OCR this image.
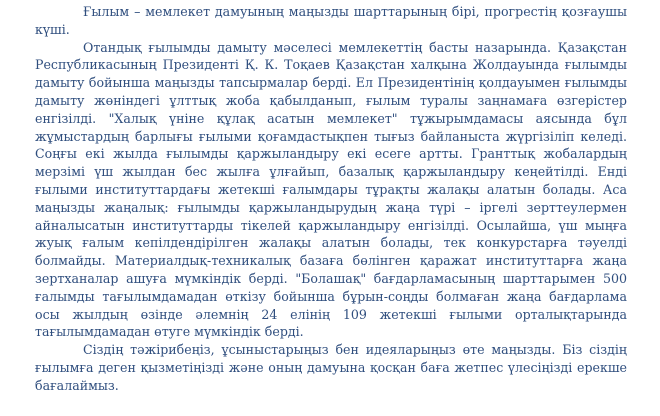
Ғылым – мемлекет дамуының маңызды шарттарының бірі, прогрестің қозғаушы күші.

Отандық ғылымды дамыту мәселесі мемлекеттің басты назарында. Қазақстан Республикасының Президенті Қ. К. Тоқаев Қазақстан халқына Жолдауында ғылымды дамыту бойынша маңызды тапсырмалар берді. Ел Президентінің қолдауымен ғылымды дамыту жөніндегі ұлттық жоба қабылданып, ғылым туралы заңнамаға өзгерістер енгізілді. "Халық үніне құлақ асатын мемлекет" тұжырымдамасы аясында бұл жұмыстардың барлығы ғылыми қоғамдастықпен тығыз байланыста жүргізіліп келеді. Соңғы екі жылда ғылымды қаржыландыру екі есеге артты. Гранттық жобалардың мерзімі үш жылдан бес жылға ұлғайып, базалық қаржыландыру кеңейтілді. Енді ғылыми институттардағы жетекші ғалымдары тұрақты жалақы алатын болады. Аса маңызды жаңалық: ғылымды қаржыландырудың жаңа түрі – іргелі зерттеулермен айналысатын институттарды тікелей қаржыландыру енгізілді. Осылайша, үш мыңға жуық ғалым кепілдендірілген жалақы алатын болады, тек конкурстарға тәуелді болмайды. Материалдық-техникалық базаға бөлінген қаражат институттарға жаңа зертханалар ашуға мүмкіндік берді. "Болашақ" бағдарламасының шарттарымен 500 ғалымды тағылымдамадан өткізу бойынша бұрын-соңды болмаған жаңа бағдарлама осы жылдың өзінде әлемнің 24 елінің 109 жетекші ғылыми орталықтарында тағылымдамадан өтуге мүмкіндік берді.

Сіздің тәжірибеңіз, ұсыныстарыңыз бен идеяларыңыз өте маңызды. Біз сіздің ғылымға деген қызметіңізді және оның дамуына қосқан баға жетпес үлесіңізді ерекше бағалаймыз.
